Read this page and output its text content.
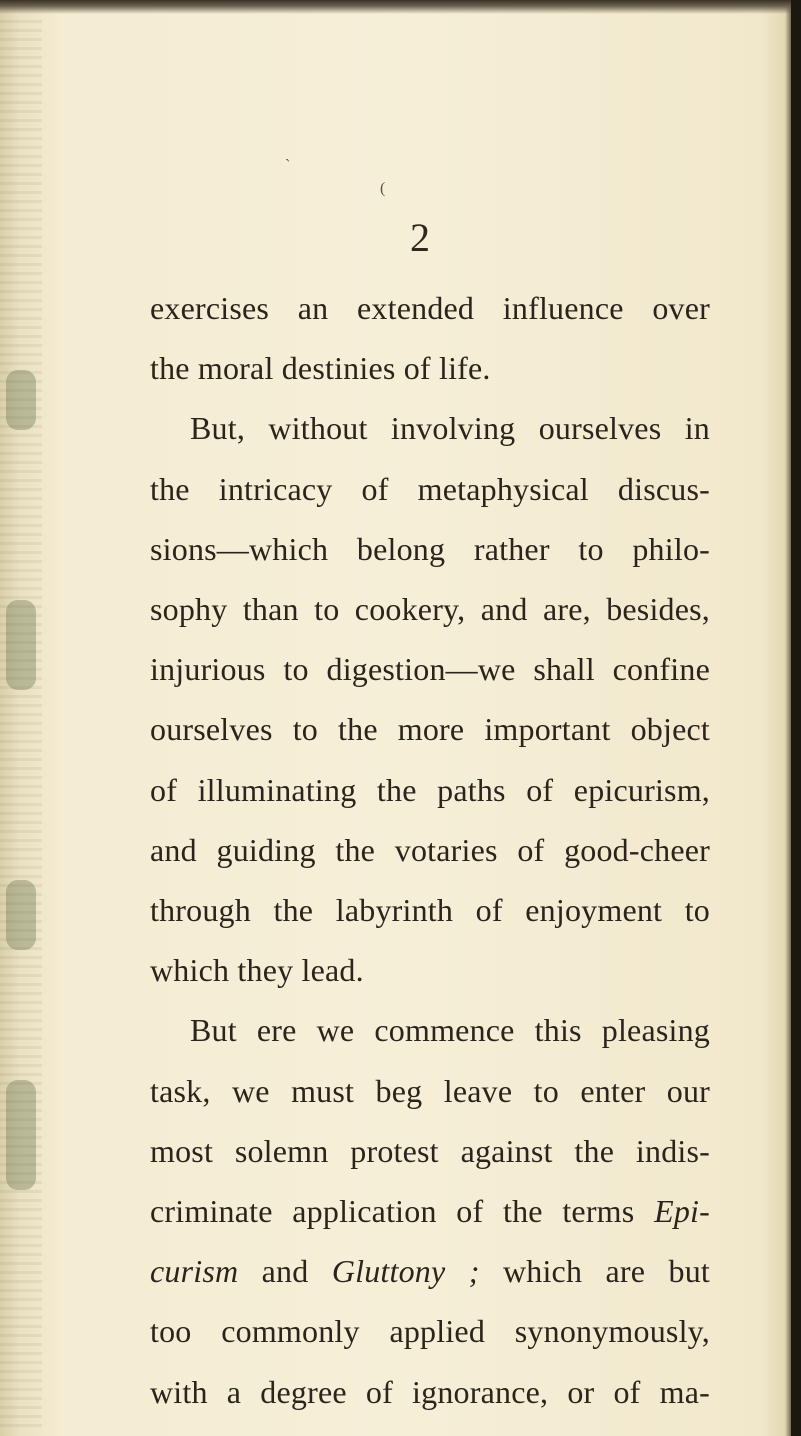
ˎ
(
2
exercises an extended influence over
the moral destinies of life.
But, without involving ourselves in
the intricacy of metaphysical discus-
sions—which belong rather to philo-
sophy than to cookery, and are, besides,
injurious to digestion—we shall confine
ourselves to the more important object
of illuminating the paths of epicurism,
and guiding the votaries of good-cheer
through the labyrinth of enjoyment to
which they lead.
But ere we commence this pleasing
task, we must beg leave to enter our
most solemn protest against the indis-
criminate application of the terms Epi-
curism and Gluttony ; which are but
too commonly applied synonymously,
with a degree of ignorance, or of ma-
